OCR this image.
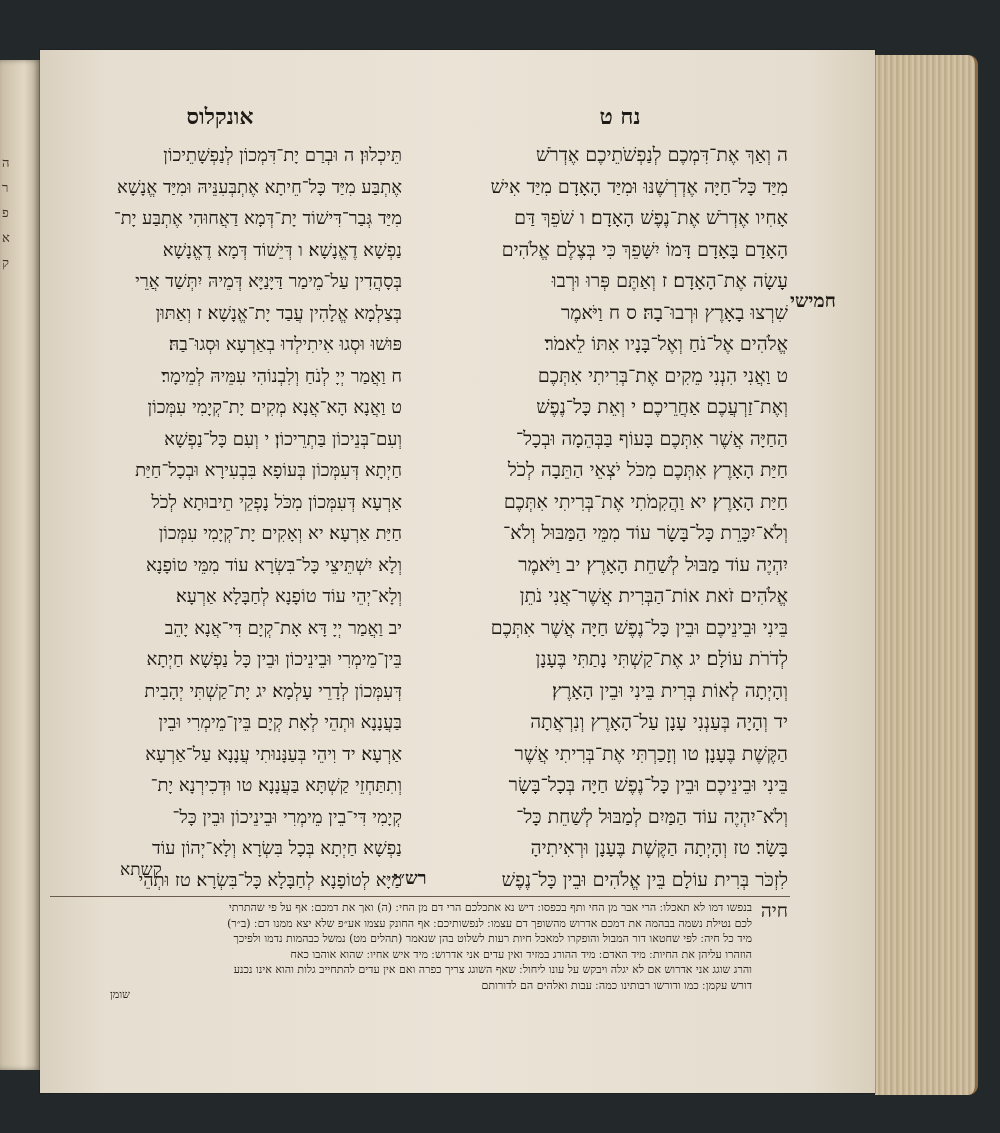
ה
ר
פ
א
ק
נח ט
אונקלוס
חמישי
ה וְאַךְ אֶת־דִּמְכֶם לְנַפְשֹׁתֵיכֶם אֶדְרֹשׁ
מִיַּד כָּל־חַיָּה אֶדְרְשֶׁנּוּ וּמִיַּד הָאָדָם מִיַּד אִישׁ
אָחִיו אֶדְרֹשׁ אֶת־נֶפֶשׁ הָאָדָם׃ ו שֹׁפֵךְ דַּם
הָאָדָם בָּאָדָם דָּמוֹ יִשָּׁפֵךְ כִּי בְּצֶלֶם אֱלֹהִים
עָשָׂה אֶת־הָאָדָם׃ ז וְאַתֶּם פְּרוּ וּרְבוּ
שִׁרְצוּ בָאָרֶץ וּרְבוּ־בָהּ׃ ס ח וַיֹּאמֶר
אֱלֹהִים אֶל־נֹחַ וְאֶל־בָּנָיו אִתּוֹ לֵאמֹר׃
ט וַאֲנִי הִנְנִי מֵקִים אֶת־בְּרִיתִי אִתְּכֶם
וְאֶת־זַרְעֲכֶם אַחֲרֵיכֶם׃ י וְאֵת כָּל־נֶפֶשׁ
הַחַיָּה אֲשֶׁר אִתְּכֶם בָּעוֹף בַּבְּהֵמָה וּבְכָל־
חַיַּת הָאָרֶץ אִתְּכֶם מִכֹּל יֹצְאֵי הַתֵּבָה לְכֹל
חַיַּת הָאָרֶץ׃ יא וַהֲקִמֹתִי אֶת־בְּרִיתִי אִתְּכֶם
וְלֹא־יִכָּרֵת כָּל־בָּשָׂר עוֹד מִמֵּי הַמַּבּוּל וְלֹא־
יִהְיֶה עוֹד מַבּוּל לְשַׁחֵת הָאָרֶץ׃ יב וַיֹּאמֶר
אֱלֹהִים זֹאת אוֹת־הַבְּרִית אֲשֶׁר־אֲנִי נֹתֵן
בֵּינִי וּבֵינֵיכֶם וּבֵין כָּל־נֶפֶשׁ חַיָּה אֲשֶׁר אִתְּכֶם
לְדֹרֹת עוֹלָם׃ יג אֶת־קַשְׁתִּי נָתַתִּי בֶּעָנָן
וְהָיְתָה לְאוֹת בְּרִית בֵּינִי וּבֵין הָאָרֶץ׃
יד וְהָיָה בְּעַנְנִי עָנָן עַל־הָאָרֶץ וְנִרְאֲתָה
הַקֶּשֶׁת בֶּעָנָן׃ טו וְזָכַרְתִּי אֶת־בְּרִיתִי אֲשֶׁר
בֵּינִי וּבֵינֵיכֶם וּבֵין כָּל־נֶפֶשׁ חַיָּה בְּכָל־בָּשָׂר
וְלֹא־יִהְיֶה עוֹד הַמַּיִם לְמַבּוּל לְשַׁחֵת כָּל־
בָּשָׂר׃ טז וְהָיְתָה הַקֶּשֶׁת בֶּעָנָן וּרְאִיתִיהָ
לִזְכֹּר בְּרִית עוֹלָם בֵּין אֱלֹהִים וּבֵין כָּל־נֶפֶשׁ
חיה
תֵּיכְלוּן׃ ה וּבְרַם יָת־דִּמְכוֹן לְנַפְשָׁתֵיכוֹן
אֶתְבַּע מִיַּד כָּל־חֵיתָא אֶתְבְּעִנֵּיהּ וּמִיַּד אֱנָשָׁא
מִיַּד גְּבַר־דִּישׁוֹד יָת־דְּמָא דַאֲחוּהִי אֶתְבַּע יָת־
נַפְשָׁא דֶאֱנָשָׁא׃ ו דְּיֵשׁוֹד דְּמָא דֶאֱנָשָׁא
בְּסָהֲדִין עַל־מֵימַר דַּיָּנַיָּא דְּמֵיהּ יִתְּשַׁד אֲרֵי
בְּצַלְמָא אֱלָהִין עֲבַד יָת־אֱנָשָׁא׃ ז וְאַתּוּן
פּוּשׁוּ וּסְגוּ אִיתִילְדוּ בְאַרְעָא וּסְגוּ־בַהּ׃
ח וַאֲמַר יְיָ לְנֹחַ וְלִבְנוֹהִי עִמֵּיהּ לְמֵימָר׃
ט וַאֲנָא הָא־אֲנָא מְקִים יָת־קְיָמִי עִמְּכוֹן
וְעִם־בְּנֵיכוֹן בַּתְרֵיכוֹן׃ י וְעִם כָּל־נַפְשָׁא
חַיְתָא דְּעִמְּכוֹן בְּעוֹפָא בִּבְעִירָא וּבְכָל־חַיַּת
אַרְעָא דְּעִמְּכוֹן מִכֹּל נָפְקֵי תֵיבוּתָא לְכֹל
חַיַּת אַרְעָא׃ יא וְאָקִים יָת־קְיָמִי עִמְּכוֹן
וְלָא יִשְׁתֵּיצֵי כָּל־בִּשְׂרָא עוֹד מִמֵּי טוֹפָנָא
וְלָא־יְהֵי עוֹד טוֹפָנָא לְחַבָּלָא אַרְעָא׃
יב וַאֲמַר יְיָ דָּא אָת־קְיָם דִּי־אֲנָא יָהֵב
בֵּין־מֵימְרִי וּבֵינֵיכוֹן וּבֵין כָּל נַפְשָׁא חַיְתָא
דְּעִמְּכוֹן לְדָרֵי עָלְמָא׃ יג יָת־קַשְׁתִּי יְהָבִית
בַּעֲנָנָא וּתְהֵי לְאָת קְיָם בֵּין־מֵימְרִי וּבֵין
אַרְעָא׃ יד וִיהֵי בְּעַנָּנוּתִי עֲנָנָא עַל־אַרְעָא
וְתִתַּחְזֵי קַשְׁתָּא בַּעֲנָנָא׃ טו וּדְכִירְנָא יָת־
קְיָמִי דִּי־בֵין מֵימְרִי וּבֵינֵיכוֹן וּבֵין כָּל־
נַפְשָׁא חַיְתָא בְּכָל בִּשְׂרָא וְלָא־יְהוֹן עוֹד
מַיָּא לְטוֹפָנָא לְחַבָּלָא כָּל־בִּשְׂרָא׃ טז וּתְהֵי
קשתא	רש״י
בנפשו דמו לא תאכלו ׃ הרי אבר מן החי ותף בכפסו ׃ דיש נא אתכלכם הרי דם מן החי ׃ (ה) ואך את דמכם ׃ אף על פי שהתרתי
לכם נטילת נשמה בבהמה את דמכם אדרוש מהשופך דם עצמו ׃ לנפשותיכם ׃ אף החונק עצמו אע״פ שלא יצא ממנו דם ׃ (ב״ר)
מיד כל חיה ׃ לפי שחטאו דור המבול והופקרו למאכל חיות רעות לשלוט בהן שנאמר (תהלים מט) נמשל כבהמות נדמו ולפיכך
הוזהרו עליהן את החיות ׃ מיד האדם ׃ מיד ההורג במזיד ואין עדים אני אדרוש ׃ מיד איש אחיו ׃ שהוא אוהבו כאח
והרג שוגג אני אדרוש אם לא יגלה ויבקש על עונו ליחול ׃ שאף השוגג צריך כפרה ואם אין עדים להתחייב גלות והוא אינו נכנע
דורש עקמן ׃ כמו ודורשו רבותינו כמה ׃ עבות ואלהים הם לדורותם
שומן
